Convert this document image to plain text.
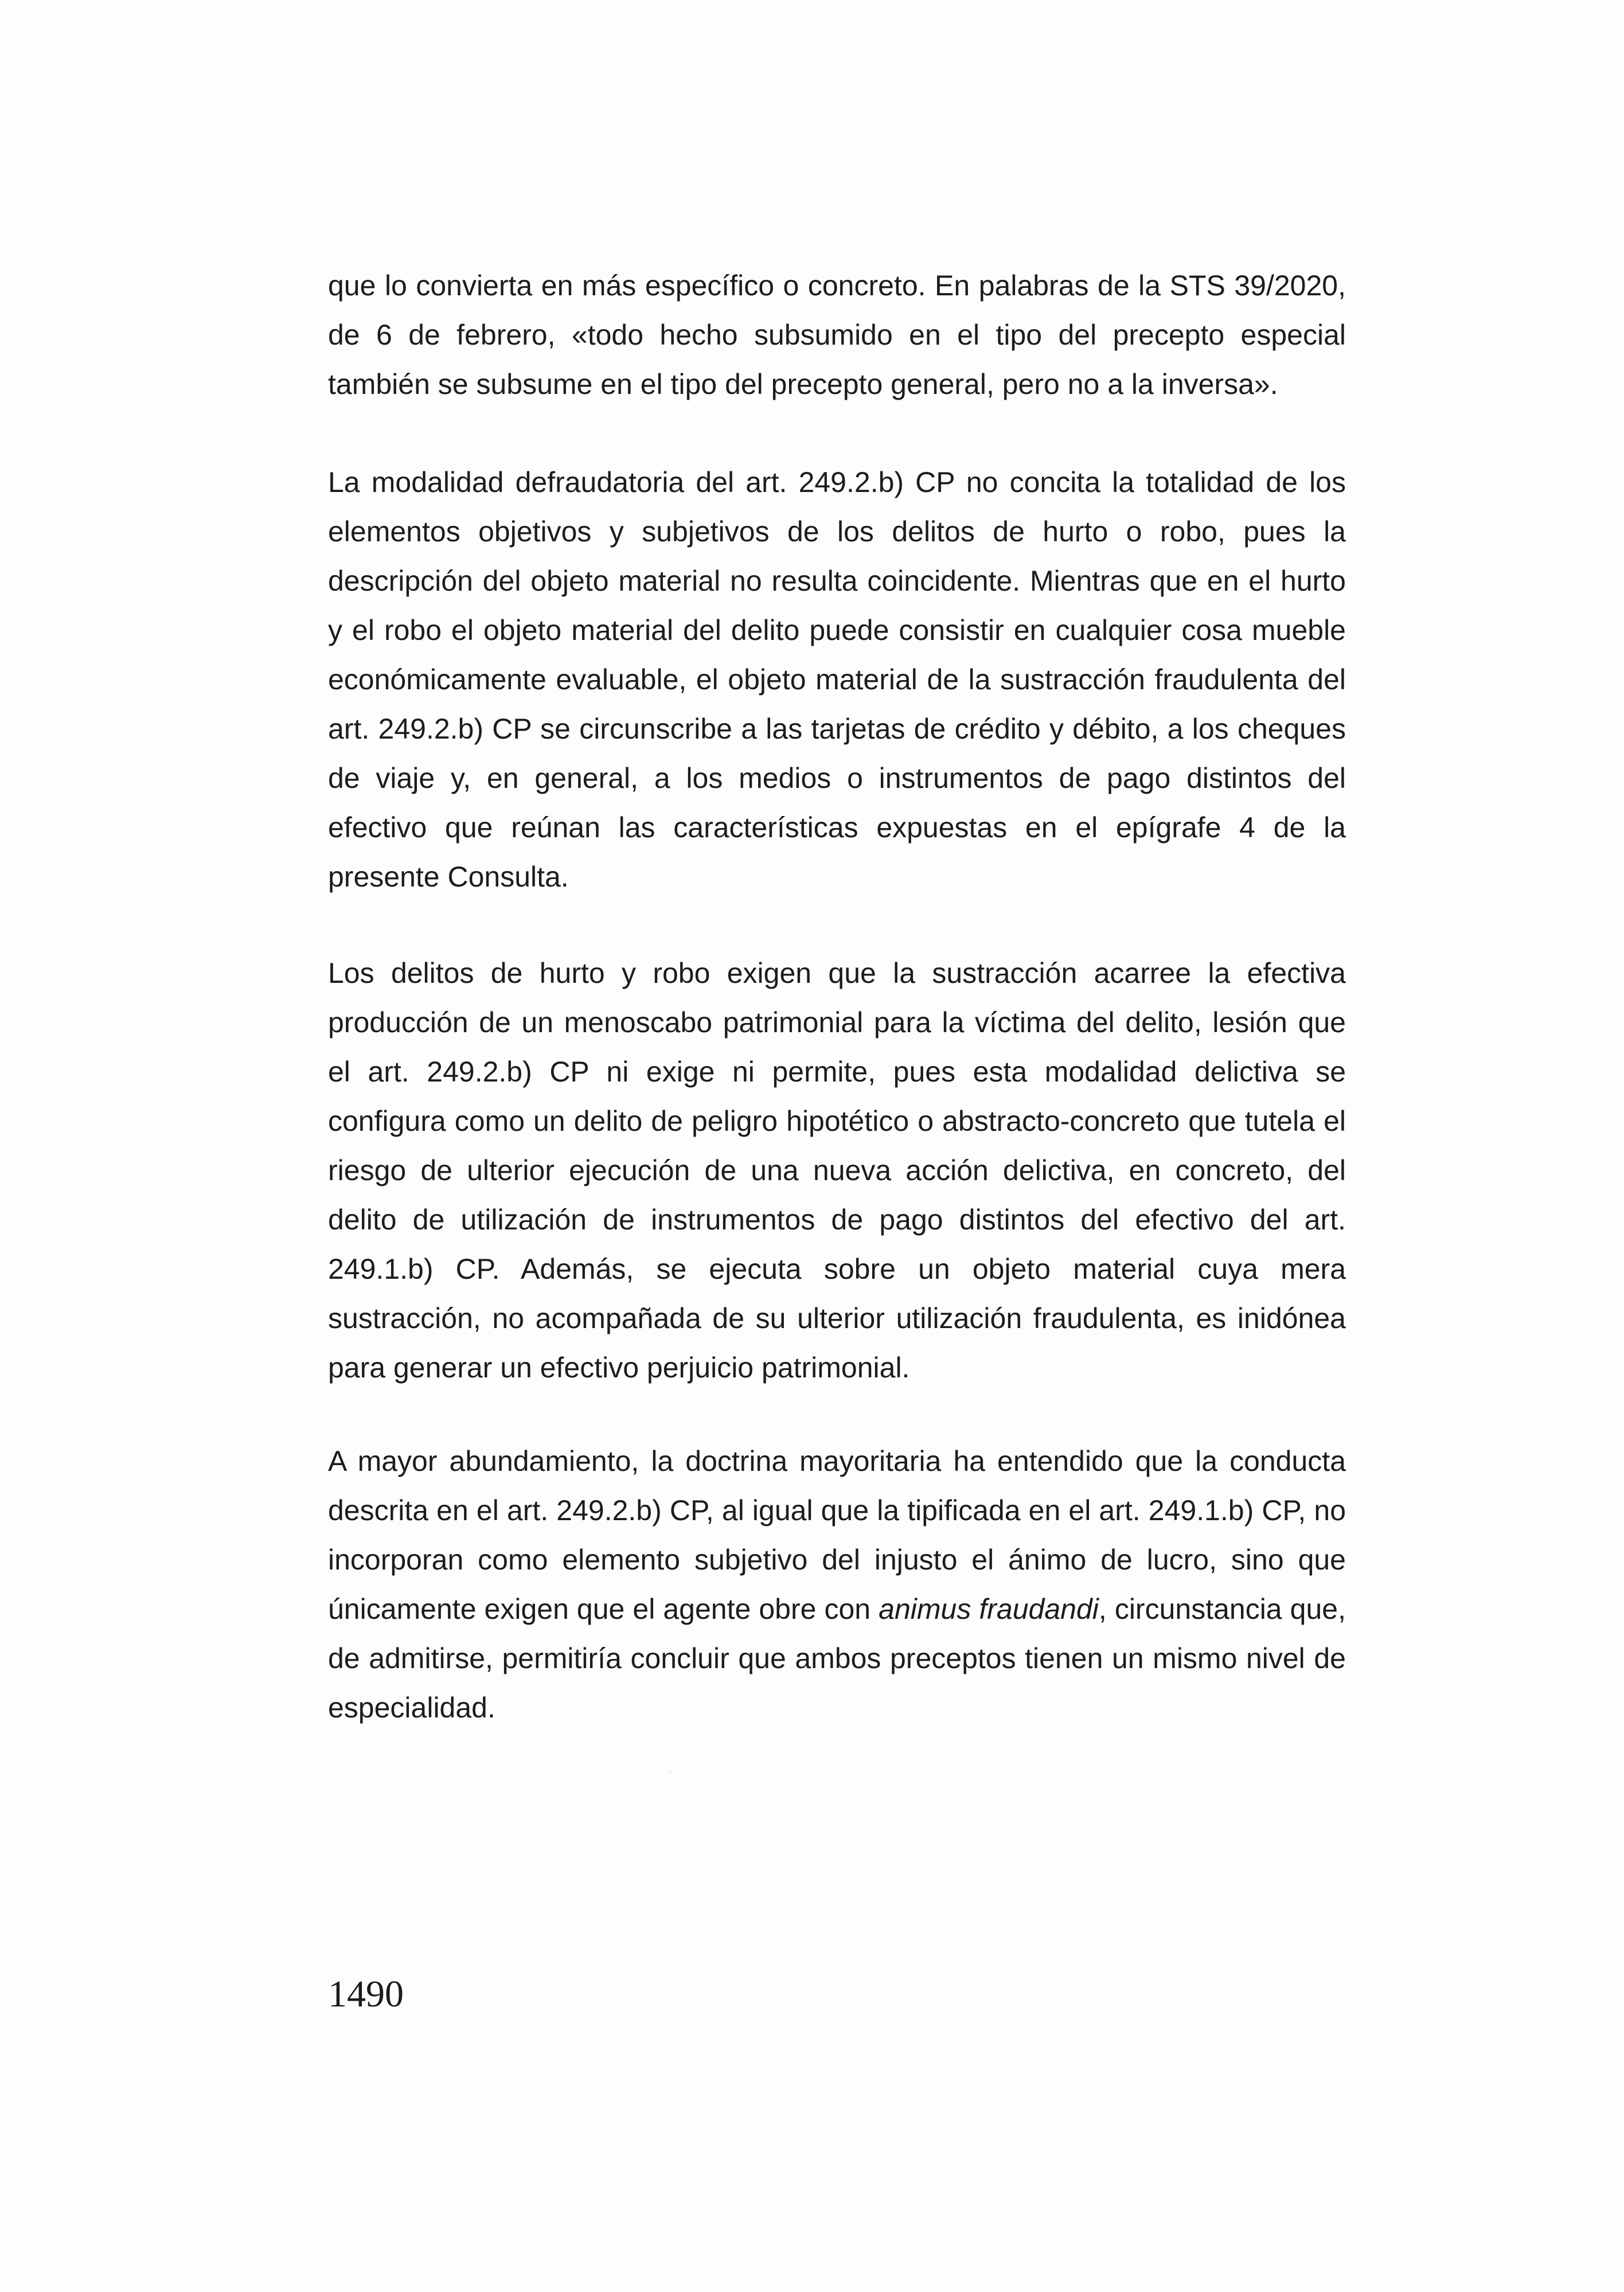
que lo convierta en más específico o concreto. En palabras de la STS 39/2020, de 6 de febrero, «todo hecho subsumido en el tipo del precepto especial también se subsume en el tipo del precepto general, pero no a la inversa».

La modalidad defraudatoria del art. 249.2.b) CP no concita la totalidad de los elementos objetivos y subjetivos de los delitos de hurto o robo, pues la descripción del objeto material no resulta coincidente. Mientras que en el hurto y el robo el objeto material del delito puede consistir en cualquier cosa mueble económicamente evaluable, el objeto material de la sustracción fraudulenta del art. 249.2.b) CP se circunscribe a las tarjetas de crédito y débito, a los cheques de viaje y, en general, a los medios o instrumentos de pago distintos del efectivo que reúnan las características expuestas en el epígrafe 4 de la presente Consulta.

Los delitos de hurto y robo exigen que la sustracción acarree la efectiva producción de un menoscabo patrimonial para la víctima del delito, lesión que el art. 249.2.b) CP ni exige ni permite, pues esta modalidad delictiva se configura como un delito de peligro hipotético o abstracto-concreto que tutela el riesgo de ulterior ejecución de una nueva acción delictiva, en concreto, del delito de utilización de instrumentos de pago distintos del efectivo del art. 249.1.b) CP. Además, se ejecuta sobre un objeto material cuya mera sustracción, no acompañada de su ulterior utilización fraudulenta, es inidónea para generar un efectivo perjuicio patrimonial.

A mayor abundamiento, la doctrina mayoritaria ha entendido que la conducta descrita en el art. 249.2.b) CP, al igual que la tipificada en el art. 249.1.b) CP, no incorporan como elemento subjetivo del injusto el ánimo de lucro, sino que únicamente exigen que el agente obre con animus fraudandi, circunstancia que, de admitirse, permitiría concluir que ambos preceptos tienen un mismo nivel de especialidad.

1490
